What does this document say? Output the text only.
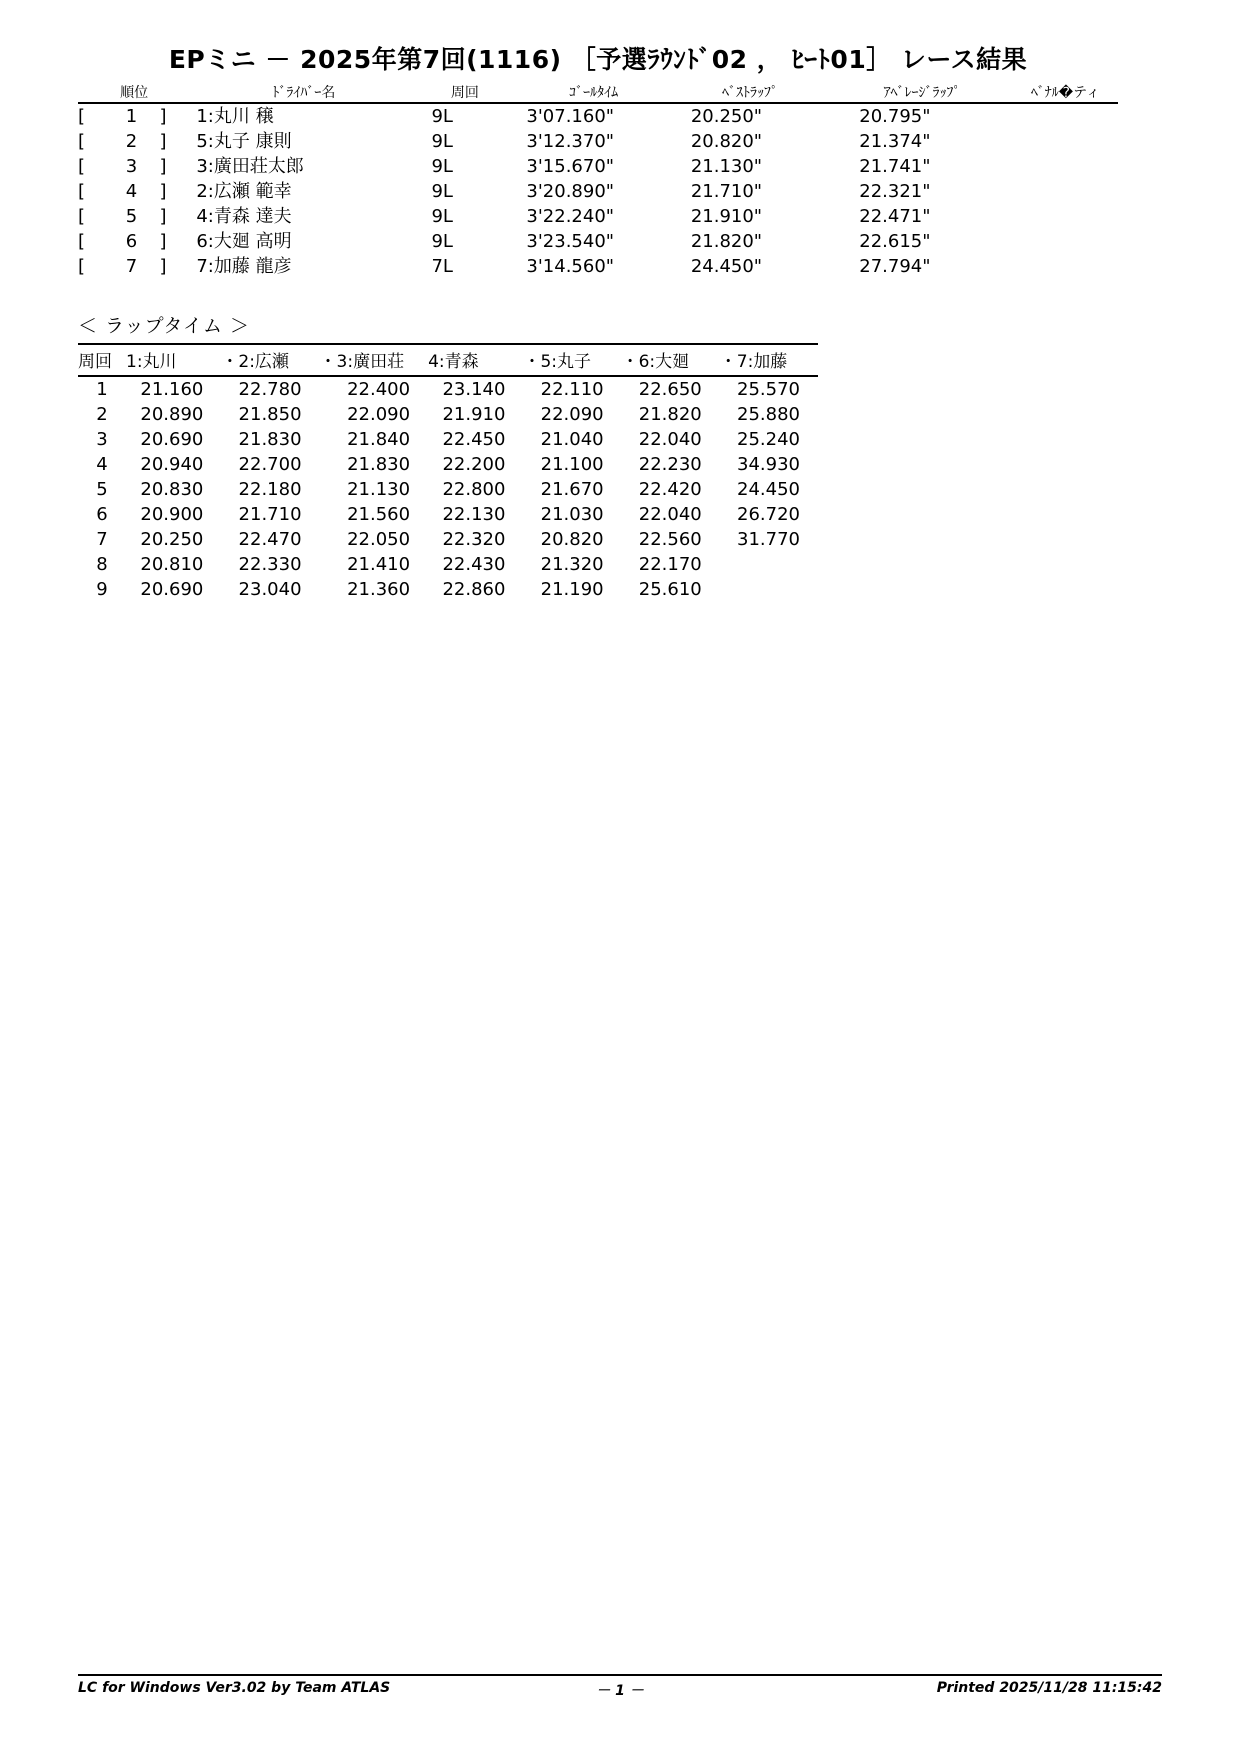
EPミニ － 2025年第7回(1116) ［予選ﾗｳﾝﾄﾞ02 ， ﾋｰﾄ01］ レース結果
順位			ﾄﾞﾗｲﾊﾞｰ名	周回	ｺﾞｰﾙﾀｲﾑ	ﾍﾞｽﾄﾗｯﾌﾟ	ｱﾍﾞﾚｰｼﾞﾗｯﾌﾟ	ﾍﾞﾅﾙ�ティ
[	1	]	1:丸川 穣	9L	3'07.160"	20.250"	20.795"	
[	2	]	5:丸子 康則	9L	3'12.370"	20.820"	21.374"	
[	3	]	3:廣田荘太郎	9L	3'15.670"	21.130"	21.741"	
[	4	]	2:広瀬 範幸	9L	3'20.890"	21.710"	22.321"	
[	5	]	4:青森 達夫	9L	3'22.240"	21.910"	22.471"	
[	6	]	6:大廻 高明	9L	3'23.540"	21.820"	22.615"	
[	7	]	7:加藤 龍彦	7L	3'14.560"	24.450"	27.794"	
＜ ラップタイム ＞
周回	1:丸川	・2:広瀬	・3:廣田荘	4:青森	・5:丸子	・6:大廻	・7:加藤
1	21.160	22.780	22.400	23.140	22.110	22.650	25.570
2	20.890	21.850	22.090	21.910	22.090	21.820	25.880
3	20.690	21.830	21.840	22.450	21.040	22.040	25.240
4	20.940	22.700	21.830	22.200	21.100	22.230	34.930
5	20.830	22.180	21.130	22.800	21.670	22.420	24.450
6	20.900	21.710	21.560	22.130	21.030	22.040	26.720
7	20.250	22.470	22.050	22.320	20.820	22.560	31.770
8	20.810	22.330	21.410	22.430	21.320	22.170	
9	20.690	23.040	21.360	22.860	21.190	25.610	
LC for Windows Ver3.02 by Team ATLAS	－ 1 －	Printed 2025/11/28 11:15:42
